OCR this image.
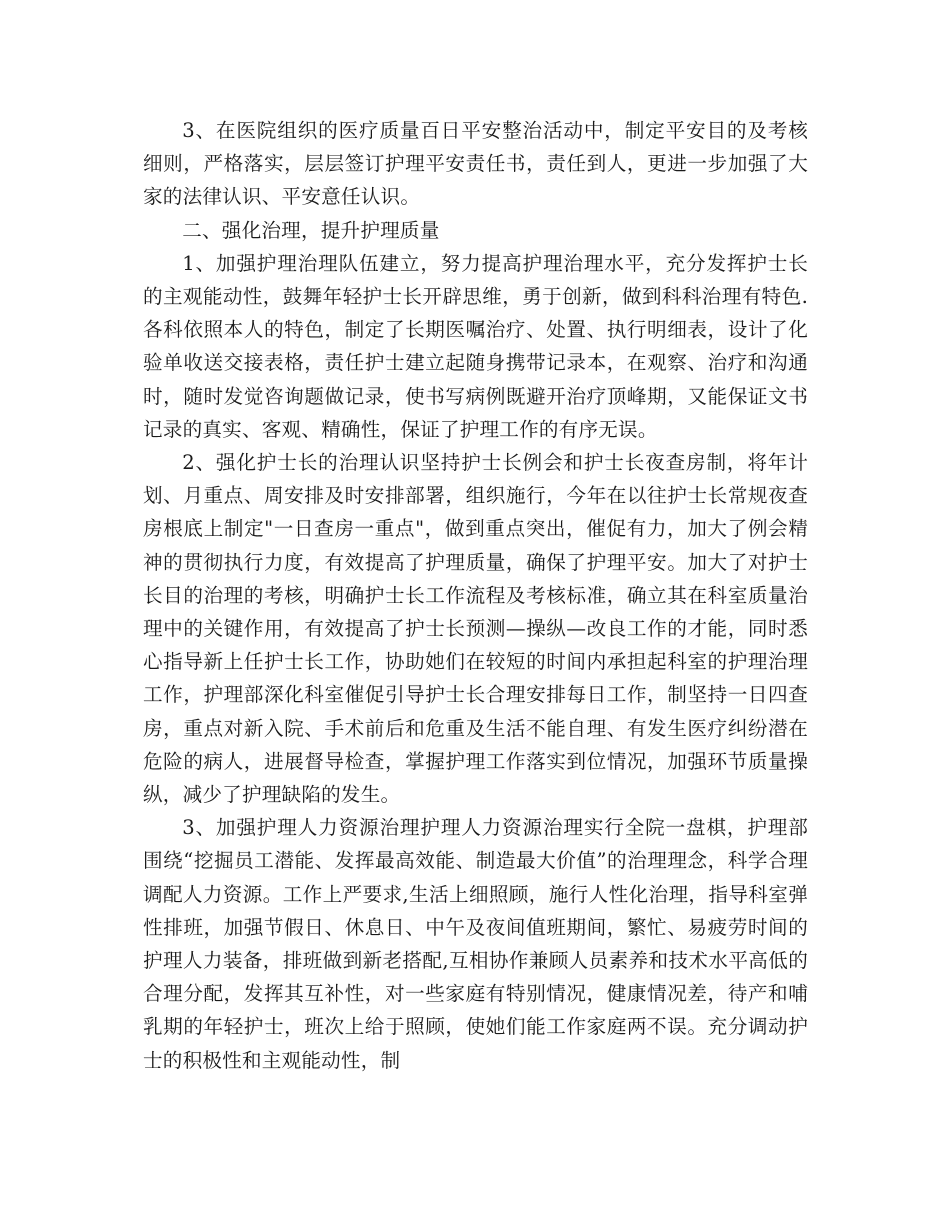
3、在医院组织的医疗质量百日平安整治活动中，制定平安目的及考核细则，严格落实，层层签订护理平安责任书，责任到人，更进一步加强了大家的法律认识、平安意任认识。

二、强化治理，提升护理质量

1、加强护理治理队伍建立，努力提高护理治理水平，充分发挥护士长的主观能动性，鼓舞年轻护士长开辟思维，勇于创新，做到科科治理有特色.各科依照本人的特色，制定了长期医嘱治疗、处置、执行明细表，设计了化验单收送交接表格，责任护士建立起随身携带记录本，在观察、治疗和沟通时，随时发觉咨询题做记录，使书写病例既避开治疗顶峰期，又能保证文书记录的真实、客观、精确性，保证了护理工作的有序无误。

2、强化护士长的治理认识坚持护士长例会和护士长夜查房制，将年计划、月重点、周安排及时安排部署，组织施行，今年在以往护士长常规夜查房根底上制定"一日查房一重点"，做到重点突出，催促有力，加大了例会精神的贯彻执行力度，有效提高了护理质量，确保了护理平安。加大了对护士长目的治理的考核，明确护士长工作流程及考核标准，确立其在科室质量治理中的关键作用，有效提高了护士长预测—操纵—改良工作的才能，同时悉心指导新上任护士长工作，协助她们在较短的时间内承担起科室的护理治理工作，护理部深化科室催促引导护士长合理安排每日工作，制坚持一日四查房，重点对新入院、手术前后和危重及生活不能自理、有发生医疗纠纷潜在危险的病人，进展督导检查，掌握护理工作落实到位情况，加强环节质量操纵，减少了护理缺陷的发生。

3、加强护理人力资源治理护理人力资源治理实行全院一盘棋，护理部围绕“挖掘员工潜能、发挥最高效能、制造最大价值”的治理理念，科学合理调配人力资源。工作上严要求,生活上细照顾，施行人性化治理，指导科室弹性排班，加强节假日、休息日、中午及夜间值班期间，繁忙、易疲劳时间的护理人力装备，排班做到新老搭配,互相协作兼顾人员素养和技术水平高低的合理分配，发挥其互补性，对一些家庭有特别情况，健康情况差，待产和哺乳期的年轻护士，班次上给于照顾，使她们能工作家庭两不误。充分调动护士的积极性和主观能动性，制
